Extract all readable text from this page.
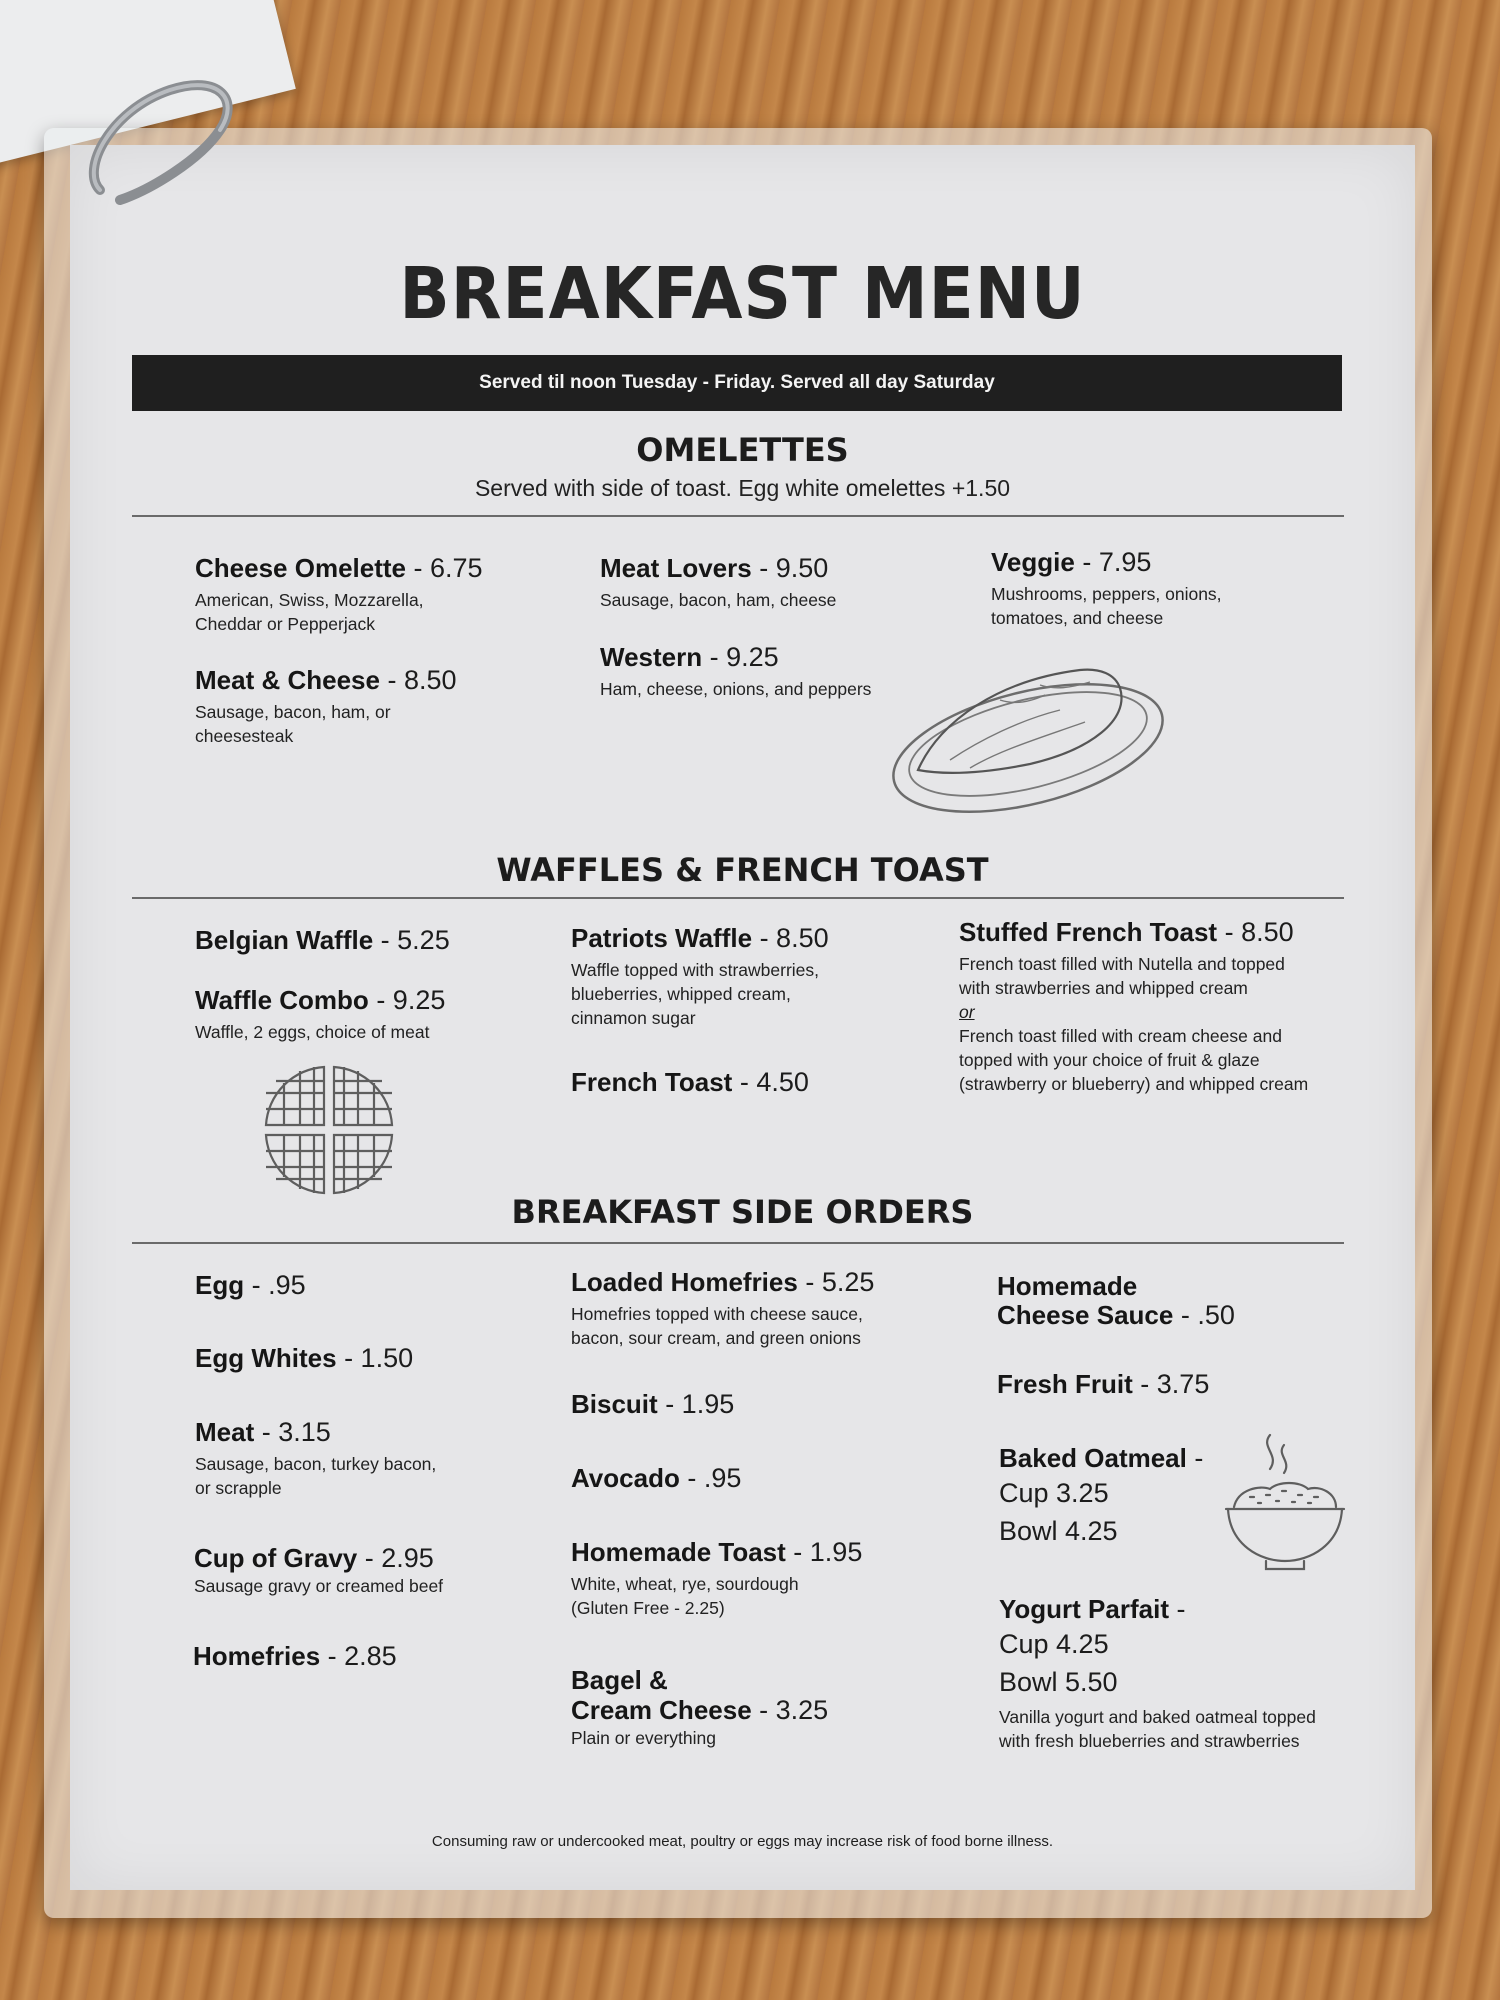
BREAKFAST MENU
Served til noon Tuesday - Friday. Served all day Saturday
OMELETTES
Served with side of toast. Egg white omelettes +1.50
Cheese Omelette - 6.75
American, Swiss, Mozzarella,
Cheddar or Pepperjack
Meat & Cheese - 8.50
Sausage, bacon, ham, or
cheesesteak
Meat Lovers - 9.50
Sausage, bacon, ham, cheese
Western - 9.25
Ham, cheese, onions, and peppers
Veggie - 7.95
Mushrooms, peppers, onions,
tomatoes, and cheese
WAFFLES & FRENCH TOAST
Belgian Waffle - 5.25
Waffle Combo - 9.25
Waffle, 2 eggs, choice of meat
Patriots Waffle - 8.50
Waffle topped with strawberries,
blueberries, whipped cream,
cinnamon sugar
French Toast - 4.50
Stuffed French Toast - 8.50
French toast filled with Nutella and topped
with strawberries and whipped cream
or
French toast filled with cream cheese and
topped with your choice of fruit & glaze
(strawberry or blueberry) and whipped cream
BREAKFAST SIDE ORDERS
Egg - .95
Egg Whites - 1.50
Meat - 3.15
Sausage, bacon, turkey bacon,
or scrapple
Cup of Gravy - 2.95
Sausage gravy or creamed beef
Homefries - 2.85
Loaded Homefries - 5.25
Homefries topped with cheese sauce,
bacon, sour cream, and green onions
Biscuit - 1.95
Avocado - .95
Homemade Toast - 1.95
White, wheat, rye, sourdough
(Gluten Free - 2.25)
Bagel &
Cream Cheese - 3.25
Plain or everything
Homemade
Cheese Sauce - .50
Fresh Fruit - 3.75
Baked Oatmeal -
Cup 3.25
Bowl 4.25
Yogurt Parfait -
Cup 4.25
Bowl 5.50
Vanilla yogurt and baked oatmeal topped
with fresh blueberries and strawberries
Consuming raw or undercooked meat, poultry or eggs may increase risk of food borne illness.
